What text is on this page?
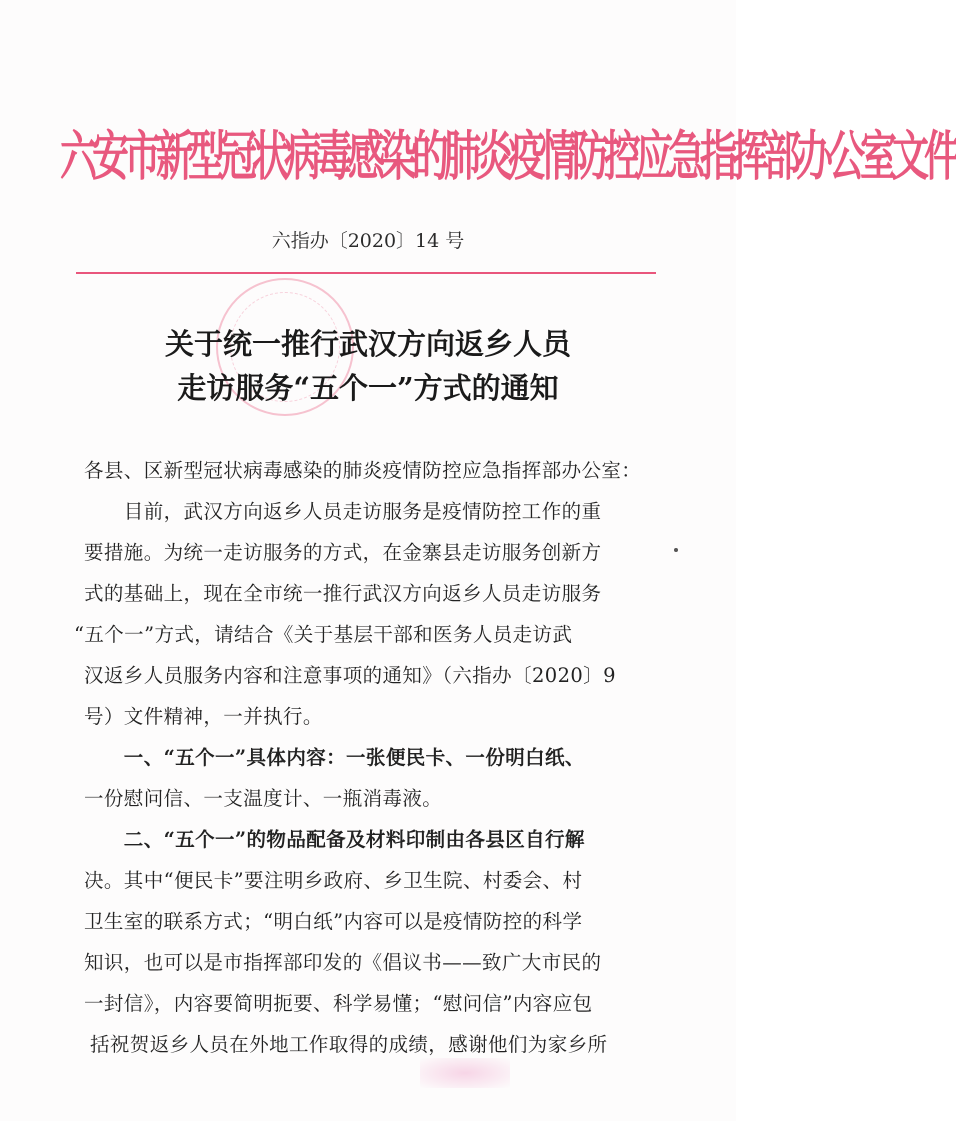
六安市新型冠状病毒感染的肺炎疫情防控应急指挥部办公室文件
六指办〔2020〕14 号
关于统一推行武汉方向返乡人员
走访服务“五个一”方式的通知
各县、区新型冠状病毒感染的肺炎疫情防控应急指挥部办公室：
　　目前，武汉方向返乡人员走访服务是疫情防控工作的重
要措施。为统一走访服务的方式，在金寨县走访服务创新方
式的基础上，现在全市统一推行武汉方向返乡人员走访服务
“五个一”方式，请结合《关于基层干部和医务人员走访武
汉返乡人员服务内容和注意事项的通知》（六指办〔2020〕9
号）文件精神，一并执行。
　　一、“五个一”具体内容：一张便民卡、一份明白纸、
一份慰问信、一支温度计、一瓶消毒液。
　　二、“五个一”的物品配备及材料印制由各县区自行解
决。其中“便民卡”要注明乡政府、乡卫生院、村委会、村
卫生室的联系方式；“明白纸”内容可以是疫情防控的科学
知识，也可以是市指挥部印发的《倡议书——致广大市民的
一封信》，内容要简明扼要、科学易懂；“慰问信”内容应包
括祝贺返乡人员在外地工作取得的成绩，感谢他们为家乡所
